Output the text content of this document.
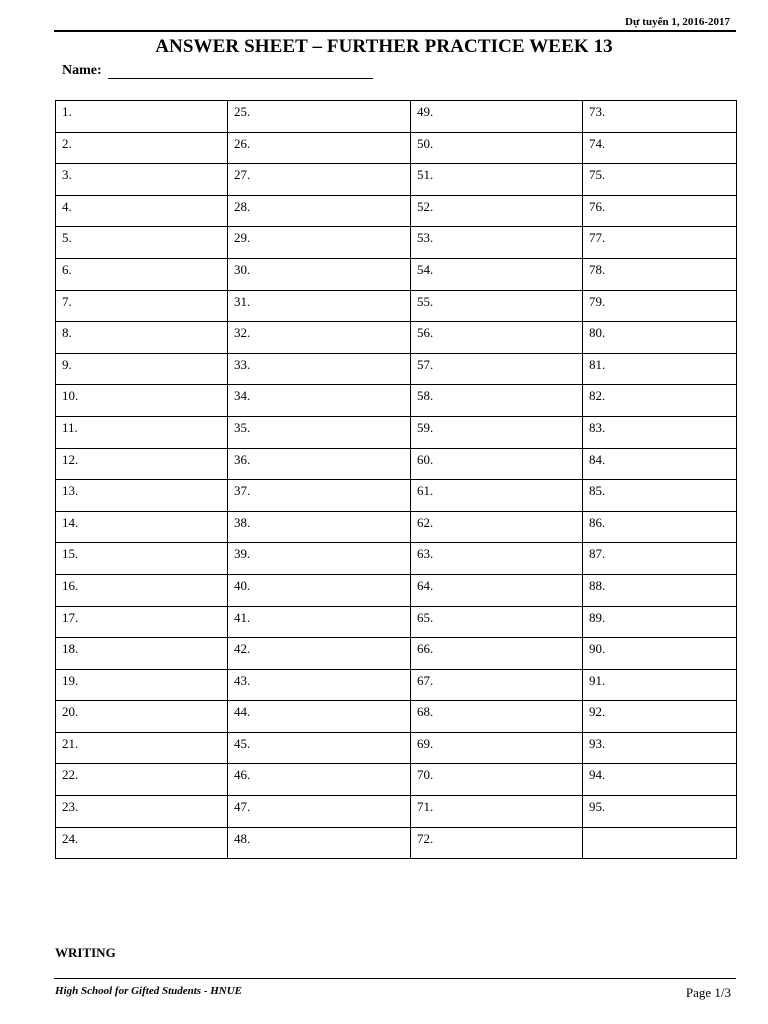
Dự tuyển 1, 2016-2017
ANSWER SHEET – FURTHER PRACTICE WEEK 13
Name:
1.	25.	49.	73.

2.	26.	50.	74.

3.	27.	51.	75.

4.	28.	52.	76.

5.	29.	53.	77.

6.	30.	54.	78.

7.	31.	55.	79.

8.	32.	56.	80.

9.	33.	57.	81.

10.	34.	58.	82.

11.	35.	59.	83.

12.	36.	60.	84.

13.	37.	61.	85.

14.	38.	62.	86.

15.	39.	63.	87.

16.	40.	64.	88.

17.	41.	65.	89.

18.	42.	66.	90.

19.	43.	67.	91.

20.	44.	68.	92.

21.	45.	69.	93.

22.	46.	70.	94.

23.	47.	71.	95.

24.	48.	72.	

WRITING
High School for Gifted Students - HNUE	Page 1/3
